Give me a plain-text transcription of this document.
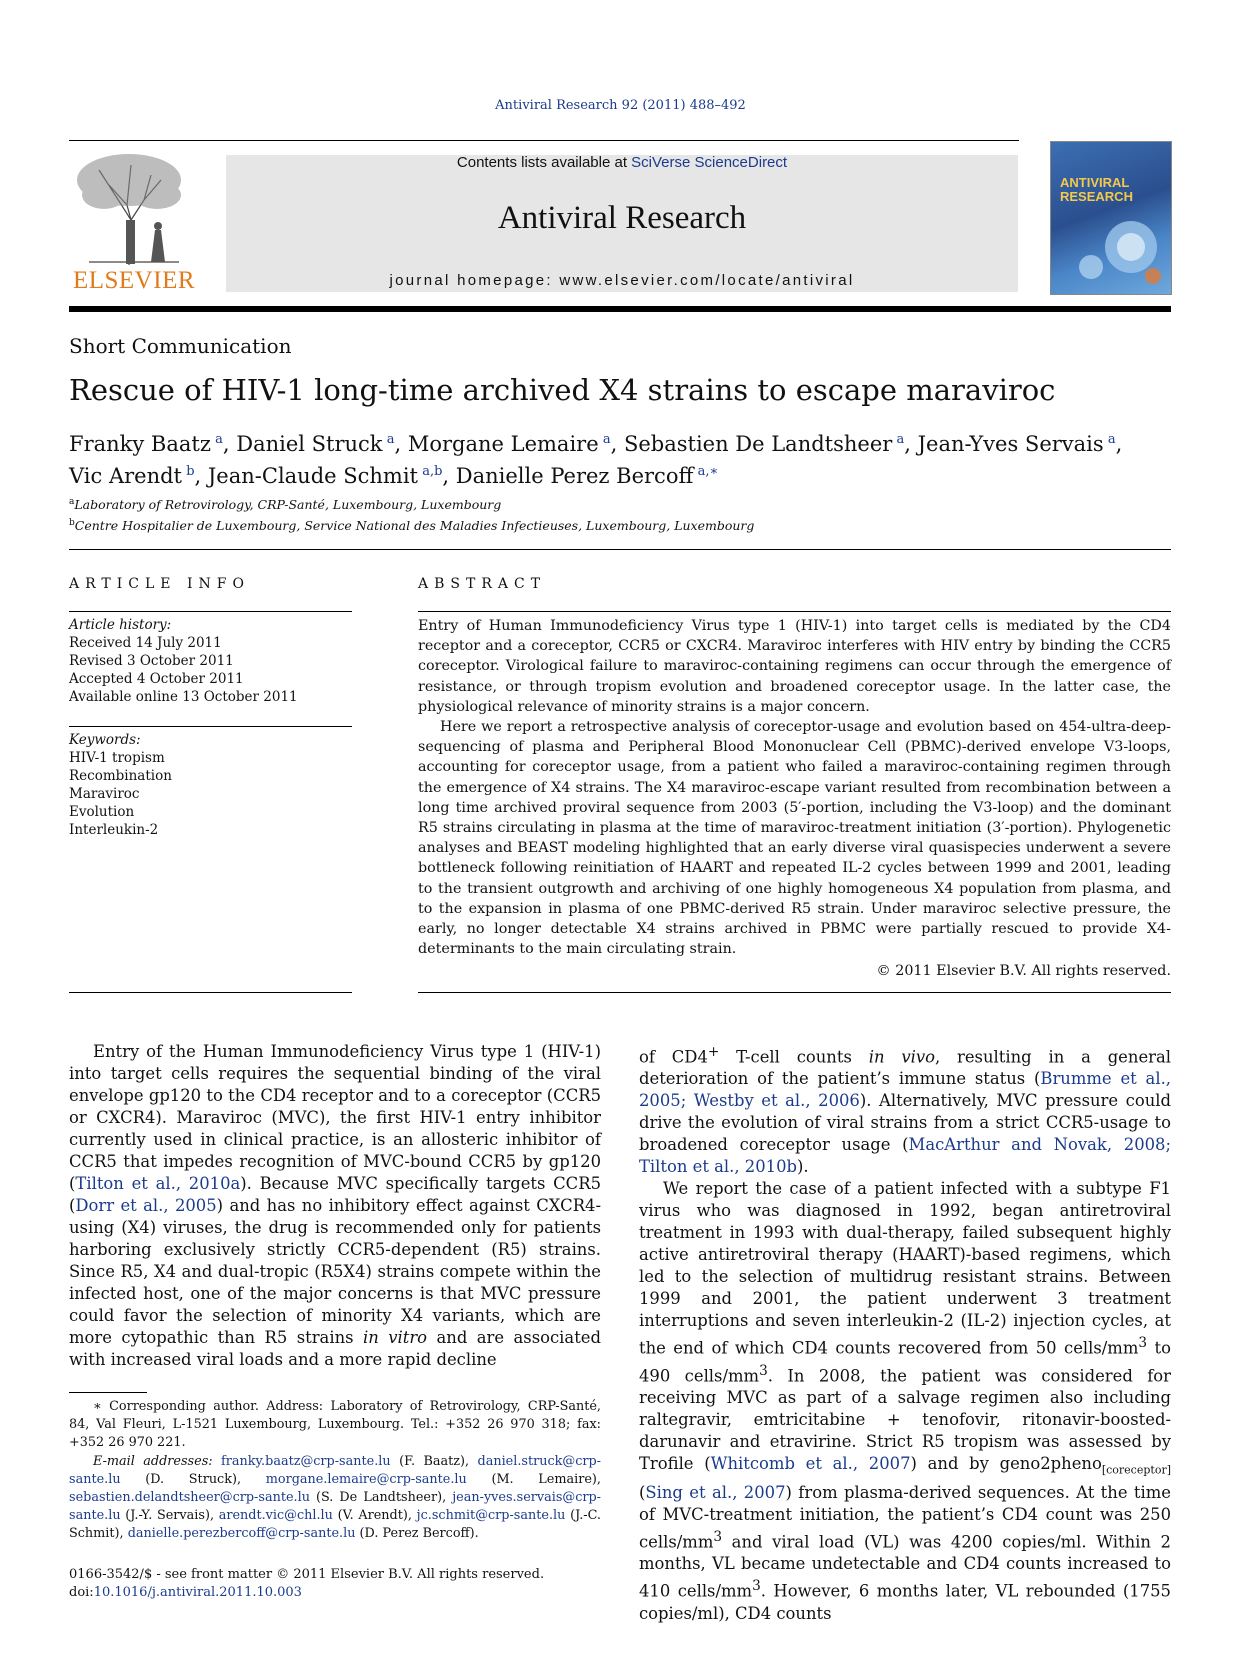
Antiviral Research 92 (2011) 488–492
ELSEVIER
Contents lists available at SciVerse ScienceDirect
Antiviral Research
journal homepage: www.elsevier.com/locate/antiviral
ANTIVIRAL RESEARCH
Short Communication
Rescue of HIV-1 long-time archived X4 strains to escape maraviroc
Franky Baatz  $^a$, Daniel Struck  $^a$, Morgane Lemaire  $^a$, Sebastien De Landtsheer  $^a$, Jean-Yves Servais  $^a$,
Vic Arendt  $^b$, Jean-Claude Schmit  $^{a,b}$, Danielle Perez Bercoff  $^{a,∗}$
$^a$Laboratory of Retrovirology, CRP-Santé, Luxembourg, Luxembourg
$^b$Centre Hospitalier de Luxembourg, Service National des Maladies Infectieuses, Luxembourg, Luxembourg
ARTICLE INFO	ABSTRACT
Article history:
Received 14 July 2011
Revised 3 October 2011
Accepted 4 October 2011
Available online 13 October 2011
Keywords:
HIV-1 tropism
Recombination
Maraviroc
Evolution
Interleukin-2

Entry of Human Immunodeficiency Virus type 1 (HIV-1) into target cells is mediated by the CD4 receptor and a coreceptor, CCR5 or CXCR4. Maraviroc interferes with HIV entry by binding the CCR5 coreceptor. Virological failure to maraviroc-containing regimens can occur through the emergence of resistance, or through tropism evolution and broadened coreceptor usage. In the latter case, the physiological relevance of minority strains is a major concern.

Here we report a retrospective analysis of coreceptor-usage and evolution based on 454-ultra-deep-sequencing of plasma and Peripheral Blood Mononuclear Cell (PBMC)-derived envelope V3-loops, accounting for coreceptor usage, from a patient who failed a maraviroc-containing regimen through the emergence of X4 strains. The X4 maraviroc-escape variant resulted from recombination between a long time archived proviral sequence from 2003 (5′-portion, including the V3-loop) and the dominant R5 strains circulating in plasma at the time of maraviroc-treatment initiation (3′-portion). Phylogenetic analyses and BEAST modeling highlighted that an early diverse viral quasispecies underwent a severe bottleneck following reinitiation of HAART and repeated IL-2 cycles between 1999 and 2001, leading to the transient outgrowth and archiving of one highly homogeneous X4 population from plasma, and to the expansion in plasma of one PBMC-derived R5 strain. Under maraviroc selective pressure, the early, no longer detectable X4 strains archived in PBMC were partially rescued to provide X4-determinants to the main circulating strain.

© 2011 Elsevier B.V. All rights reserved.

Entry of the Human Immunodeficiency Virus type 1 (HIV-1) into target cells requires the sequential binding of the viral envelope gp120 to the CD4 receptor and to a coreceptor (CCR5 or CXCR4). Maraviroc (MVC), the first HIV-1 entry inhibitor currently used in clinical practice, is an allosteric inhibitor of CCR5 that impedes recognition of MVC-bound CCR5 by gp120 (Tilton et al., 2010a). Because MVC specifically targets CCR5 (Dorr et al., 2005) and has no inhibitory effect against CXCR4-using (X4) viruses, the drug is recommended only for patients harboring exclusively strictly CCR5-dependent (R5) strains. Since R5, X4 and dual-tropic (R5X4) strains compete within the infected host, one of the major concerns is that MVC pressure could favor the selection of minority X4 variants, which are more cytopathic than R5 strains in vitro and are associated with increased viral loads and a more rapid decline

of CD4+ T-cell counts in vivo, resulting in a general deterioration of the patient’s immune status (Brumme et al., 2005; Westby et al., 2006). Alternatively, MVC pressure could drive the evolution of viral strains from a strict CCR5-usage to broadened coreceptor usage (MacArthur and Novak, 2008; Tilton et al., 2010b).

We report the case of a patient infected with a subtype F1 virus who was diagnosed in 1992, began antiretroviral treatment in 1993 with dual-therapy, failed subsequent highly active antiretroviral therapy (HAART)-based regimens, which led to the selection of multidrug resistant strains. Between 1999 and 2001, the patient underwent 3 treatment interruptions and seven interleukin-2 (IL-2) injection cycles, at the end of which CD4 counts recovered from 50 cells/$mm^3$ to 490 cells/$mm^3$. In 2008, the patient was considered for receiving MVC as part of a salvage regimen also including raltegravir, emtricitabine + tenofovir, ritonavir-boosted-darunavir and etravirine. Strict R5 tropism was assessed by Trofile (Whitcomb et al., 2007) and by geno2pheno$_{[coreceptor]}$ (Sing et al., 2007) from plasma-derived sequences. At the time of MVC-treatment initiation, the patient’s CD4 count was 250 cells/$mm^3$ and viral load (VL) was 4200 copies/ml. Within 2 months, VL became undetectable and CD4 counts increased to 410 cells/$mm^3$. However, 6 months later, VL rebounded (1755 copies/ml), CD4 counts

∗ Corresponding author. Address: Laboratory of Retrovirology, CRP-Santé, 84, Val Fleuri, L-1521 Luxembourg, Luxembourg. Tel.: +352 26 970 318; fax: +352 26 970 221.

E-mail addresses: franky.baatz@crp-sante.lu (F. Baatz), daniel.struck@crp-sante.lu (D. Struck), morgane.lemaire@crp-sante.lu (M. Lemaire), sebastien.delandtsheer@crp-sante.lu (S. De Landtsheer), jean-yves.servais@crp-sante.lu (J.-Y. Servais), arendt.vic@chl.lu (V. Arendt), jc.schmit@crp-sante.lu (J.-C. Schmit), danielle.perezbercoff@crp-sante.lu (D. Perez Bercoff).

0166-3542/$ - see front matter © 2011 Elsevier B.V. All rights reserved.
doi:10.1016/j.antiviral.2011.10.003
